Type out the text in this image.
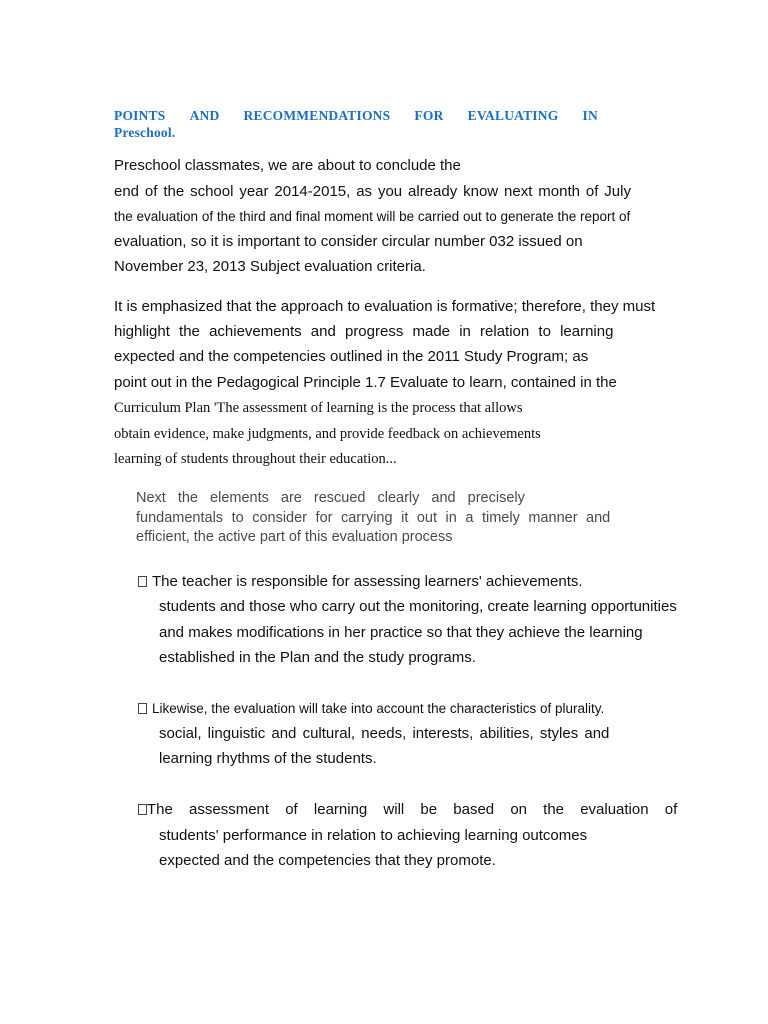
POINTS AND RECOMMENDATIONS FOR EVALUATING IN
Preschool.
Preschool classmates, we are about to conclude the
end of the school year 2014-2015, as you already know next month of July
the evaluation of the third and final moment will be carried out to generate the report of
evaluation, so it is important to consider circular number 032 issued on
November 23, 2013 Subject evaluation criteria.
It is emphasized that the approach to evaluation is formative; therefore, they must
highlight the achievements and progress made in relation to learning
expected and the competencies outlined in the 2011 Study Program; as
point out in the Pedagogical Principle 1.7 Evaluate to learn, contained in the
Curriculum Plan 'The assessment of learning is the process that allows
obtain evidence, make judgments, and provide feedback on achievements
learning of students throughout their education...
Next the elements are rescued clearly and precisely
fundamentals to consider for carrying it out in a timely manner and
efficient, the active part of this evaluation process
The teacher is responsible for assessing learners' achievements.
students and those who carry out the monitoring, create learning opportunities
and makes modifications in her practice so that they achieve the learning
established in the Plan and the study programs.
Likewise, the evaluation will take into account the characteristics of plurality.
social, linguistic and cultural, needs, interests, abilities, styles and
learning rhythms of the students.
The assessment of learning will be based on the evaluation of
students' performance in relation to achieving learning outcomes
expected and the competencies that they promote.
